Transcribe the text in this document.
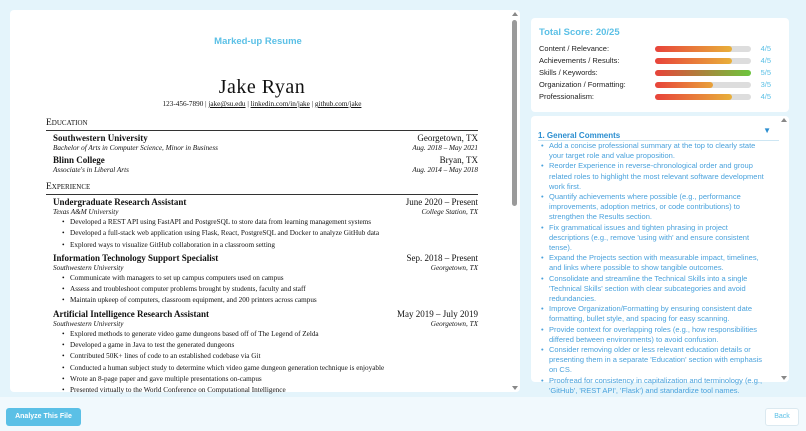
Marked-up Resume
Jake Ryan
123-456-7890 | jake@su.edu | linkedin.com/in/jake | github.com/jake
Education
Southwestern University	Georgetown, TX
Bachelor of Arts in Computer Science, Minor in Business	Aug. 2018 – May 2021
Blinn College	Bryan, TX
Associate's in Liberal Arts	Aug. 2014 – May 2018
Experience
Undergraduate Research Assistant	June 2020 – Present
Texas A&M University	College Station, TX
• Developed a REST API using FastAPI and PostgreSQL to store data from learning management systems
• Developed a full-stack web application using Flask, React, PostgreSQL and Docker to analyze GitHub data
• Explored ways to visualize GitHub collaboration in a classroom setting
Information Technology Support Specialist	Sep. 2018 – Present
Southwestern University	Georgetown, TX
• Communicate with managers to set up campus computers used on campus
• Assess and troubleshoot computer problems brought by students, faculty and staff
• Maintain upkeep of computers, classroom equipment, and 200 printers across campus
Artificial Intelligence Research Assistant	May 2019 – July 2019
Southwestern University	Georgetown, TX
• Explored methods to generate video game dungeons based off of The Legend of Zelda
• Developed a game in Java to test the generated dungeons
• Contributed 50K+ lines of code to an established codebase via Git
• Conducted a human subject study to determine which video game dungeon generation technique is enjoyable
• Wrote an 8-page paper and gave multiple presentations on-campus
• Presented virtually to the World Conference on Computational Intelligence
Total Score: 20/25
Content / Relevance:	4/5
Achievements / Results:	4/5
Skills / Keywords:	5/5
Organization / Formatting:	3/5
Professionalism:	4/5
1. General Comments
▼
• Add a concise professional summary at the top to clearly state your target role and value proposition.
• Reorder Experience in reverse-chronological order and group related roles to highlight the most relevant software development work first.
• Quantify achievements where possible (e.g., performance improvements, adoption metrics, or code contributions) to strengthen the Results section.
• Fix grammatical issues and tighten phrasing in project descriptions (e.g., remove 'using with' and ensure consistent tense).
• Expand the Projects section with measurable impact, timelines, and links where possible to show tangible outcomes.
• Consolidate and streamline the Technical Skills into a single 'Technical Skills' section with clear subcategories and avoid redundancies.
• Improve Organization/Formatting by ensuring consistent date formatting, bullet style, and spacing for easy scanning.
• Provide context for overlapping roles (e.g., how responsibilities differed between environments) to avoid confusion.
• Consider removing older or less relevant education details or presenting them in a separate 'Education' section with emphasis on CS.
• Proofread for consistency in capitalization and terminology (e.g., 'GitHub', 'REST API', 'Flask') and standardize tool names.
Analyze This File	Back
